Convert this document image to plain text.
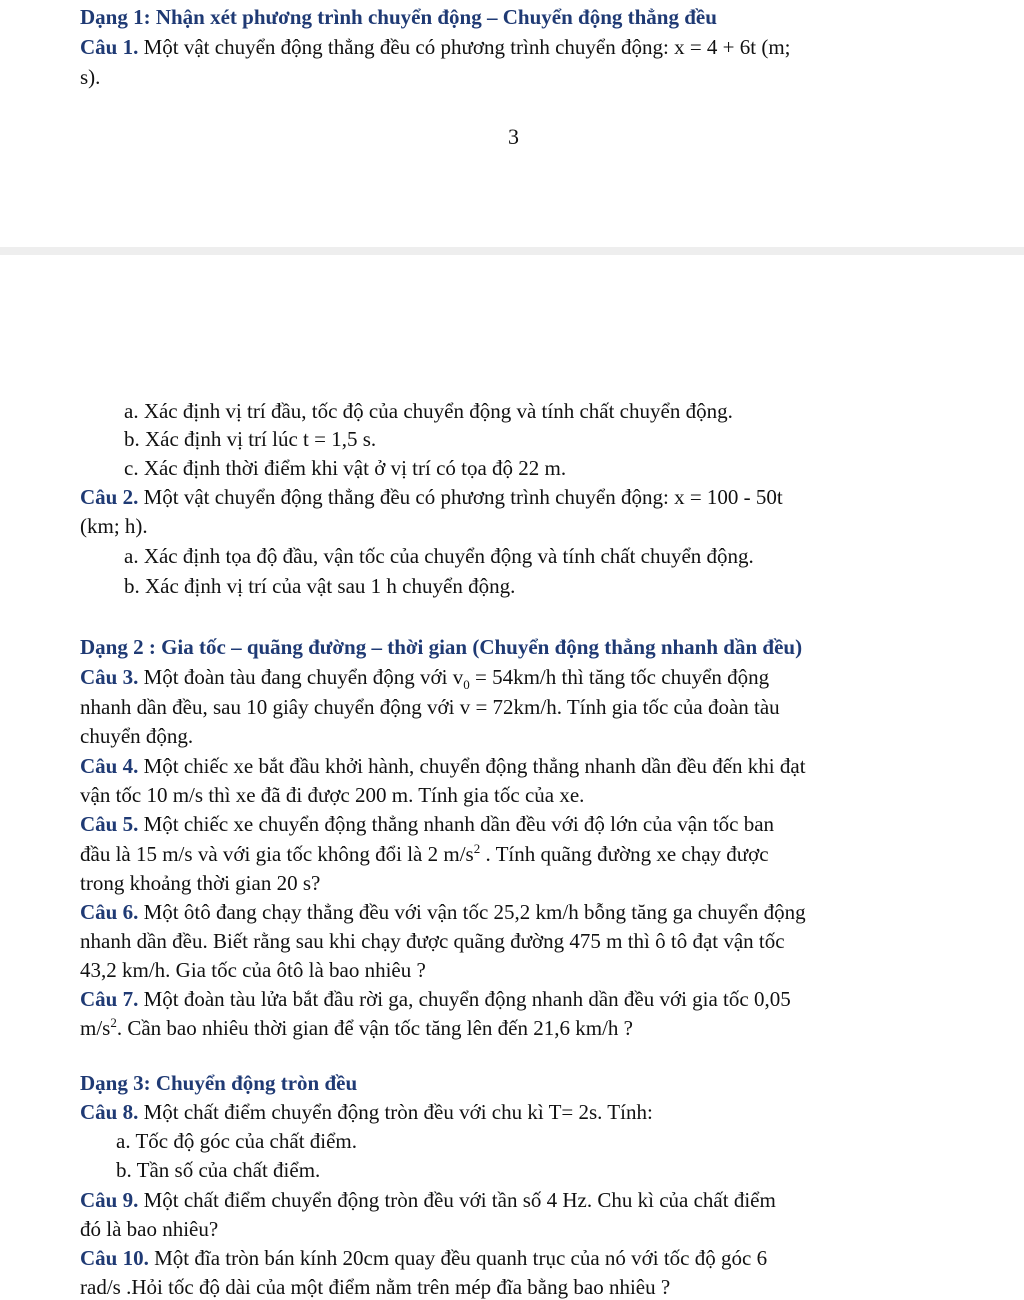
Dạng 1: Nhận xét phương trình chuyển động – Chuyển động thẳng đều
Câu 1. Một vật chuyển động thẳng đều có phương trình chuyển động: x = 4 + 6t (m;
s).
3
a. Xác định vị trí đầu, tốc độ của chuyển động và tính chất chuyển động.
b. Xác định vị trí lúc t = 1,5 s.
c. Xác định thời điểm khi vật ở vị trí có tọa độ 22 m.
Câu 2. Một vật chuyển động thẳng đều có phương trình chuyển động: x = 100 - 50t
(km; h).
a. Xác định tọa độ đầu, vận tốc của chuyển động và tính chất chuyển động.
b. Xác định vị trí của vật sau 1 h chuyển động.
Dạng 2 : Gia tốc – quãng đường – thời gian (Chuyển động thẳng nhanh dần đều)
Câu 3. Một đoàn tàu đang chuyển động với $v_0 = 54km/h$ thì tăng tốc chuyển động
nhanh dần đều, sau 10 giây chuyển động với v = 72km/h. Tính gia tốc của đoàn tàu
chuyển động.
Câu 4. Một chiếc xe bắt đầu khởi hành, chuyển động thẳng nhanh dần đều đến khi đạt
vận tốc 10 m/s thì xe đã đi được 200 m. Tính gia tốc của xe.
Câu 5. Một chiếc xe chuyển động thẳng nhanh dần đều với độ lớn của vận tốc ban
đầu là 15 m/s và với gia tốc không đổi là 2 $m/s^2$ . Tính quãng đường xe chạy được
trong khoảng thời gian 20 s?
Câu 6. Một ôtô đang chạy thẳng đều với vận tốc 25,2 km/h bỗng tăng ga chuyển động
nhanh dần đều. Biết rằng sau khi chạy được quãng đường 475 m thì ô tô đạt vận tốc
43,2 km/h. Gia tốc của ôtô là bao nhiêu ?
Câu 7. Một đoàn tàu lửa bắt đầu rời ga, chuyển động nhanh dần đều với gia tốc 0,05
$m/s^2$. Cần bao nhiêu thời gian để vận tốc tăng lên đến 21,6 km/h ?
Dạng 3: Chuyển động tròn đều
Câu 8. Một chất điểm chuyển động tròn đều với chu kì T= 2s. Tính:
a. Tốc độ góc của chất điểm.
b. Tần số của chất điểm.
Câu 9. Một chất điểm chuyển động tròn đều với tần số 4 Hz. Chu kì của chất điểm
đó là bao nhiêu?
Câu 10. Một đĩa tròn bán kính 20cm quay đều quanh trục của nó với tốc độ góc 6
rad/s .Hỏi tốc độ dài của một điểm nằm trên mép đĩa bằng bao nhiêu ?
